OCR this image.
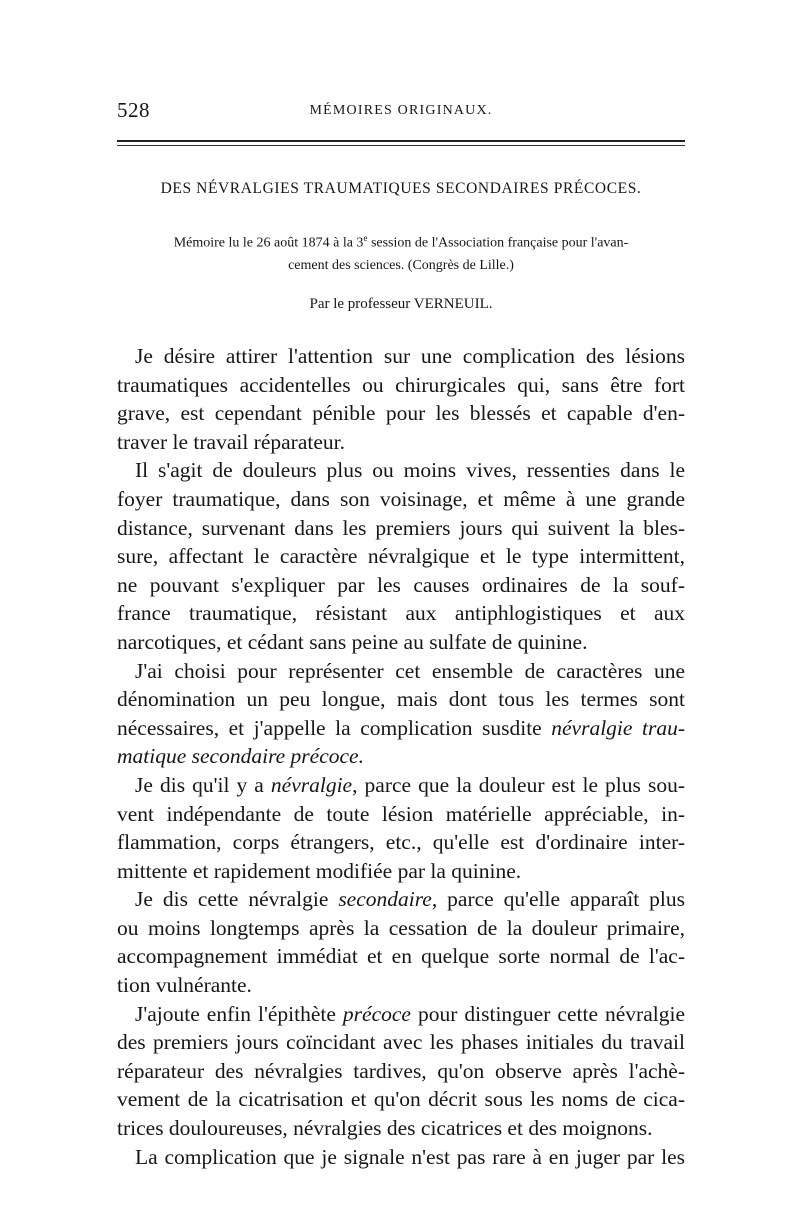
528	MÉMOIRES ORIGINAUX.
DES NÉVRALGIES TRAUMATIQUES SECONDAIRES PRÉCOCES.
Mémoire lu le 26 août 1874 à la 3e session de l'Association française pour l'avan-
cement des sciences. (Congrès de Lille.)
Par le professeur VERNEUIL.
Je désire attirer l'attention sur une complication des lésions
traumatiques accidentelles ou chirurgicales qui, sans être fort
grave, est cependant pénible pour les blessés et capable d'en-
traver le travail réparateur.
Il s'agit de douleurs plus ou moins vives, ressenties dans le
foyer traumatique, dans son voisinage, et même à une grande
distance, survenant dans les premiers jours qui suivent la bles-
sure, affectant le caractère névralgique et le type intermittent,
ne pouvant s'expliquer par les causes ordinaires de la souf-
france traumatique, résistant aux antiphlogistiques et aux
narcotiques, et cédant sans peine au sulfate de quinine.
J'ai choisi pour représenter cet ensemble de caractères une
dénomination un peu longue, mais dont tous les termes sont
nécessaires, et j'appelle la complication susdite névralgie trau-
matique secondaire précoce.
Je dis qu'il y a névralgie, parce que la douleur est le plus sou-
vent indépendante de toute lésion matérielle appréciable, in-
flammation, corps étrangers, etc., qu'elle est d'ordinaire inter-
mittente et rapidement modifiée par la quinine.
Je dis cette névralgie secondaire, parce qu'elle apparaît plus
ou moins longtemps après la cessation de la douleur primaire,
accompagnement immédiat et en quelque sorte normal de l'ac-
tion vulnérante.
J'ajoute enfin l'épithète précoce pour distinguer cette névralgie
des premiers jours coïncidant avec les phases initiales du travail
réparateur des névralgies tardives, qu'on observe après l'achè-
vement de la cicatrisation et qu'on décrit sous les noms de cica-
trices douloureuses, névralgies des cicatrices et des moignons.
La complication que je signale n'est pas rare à en juger par les
